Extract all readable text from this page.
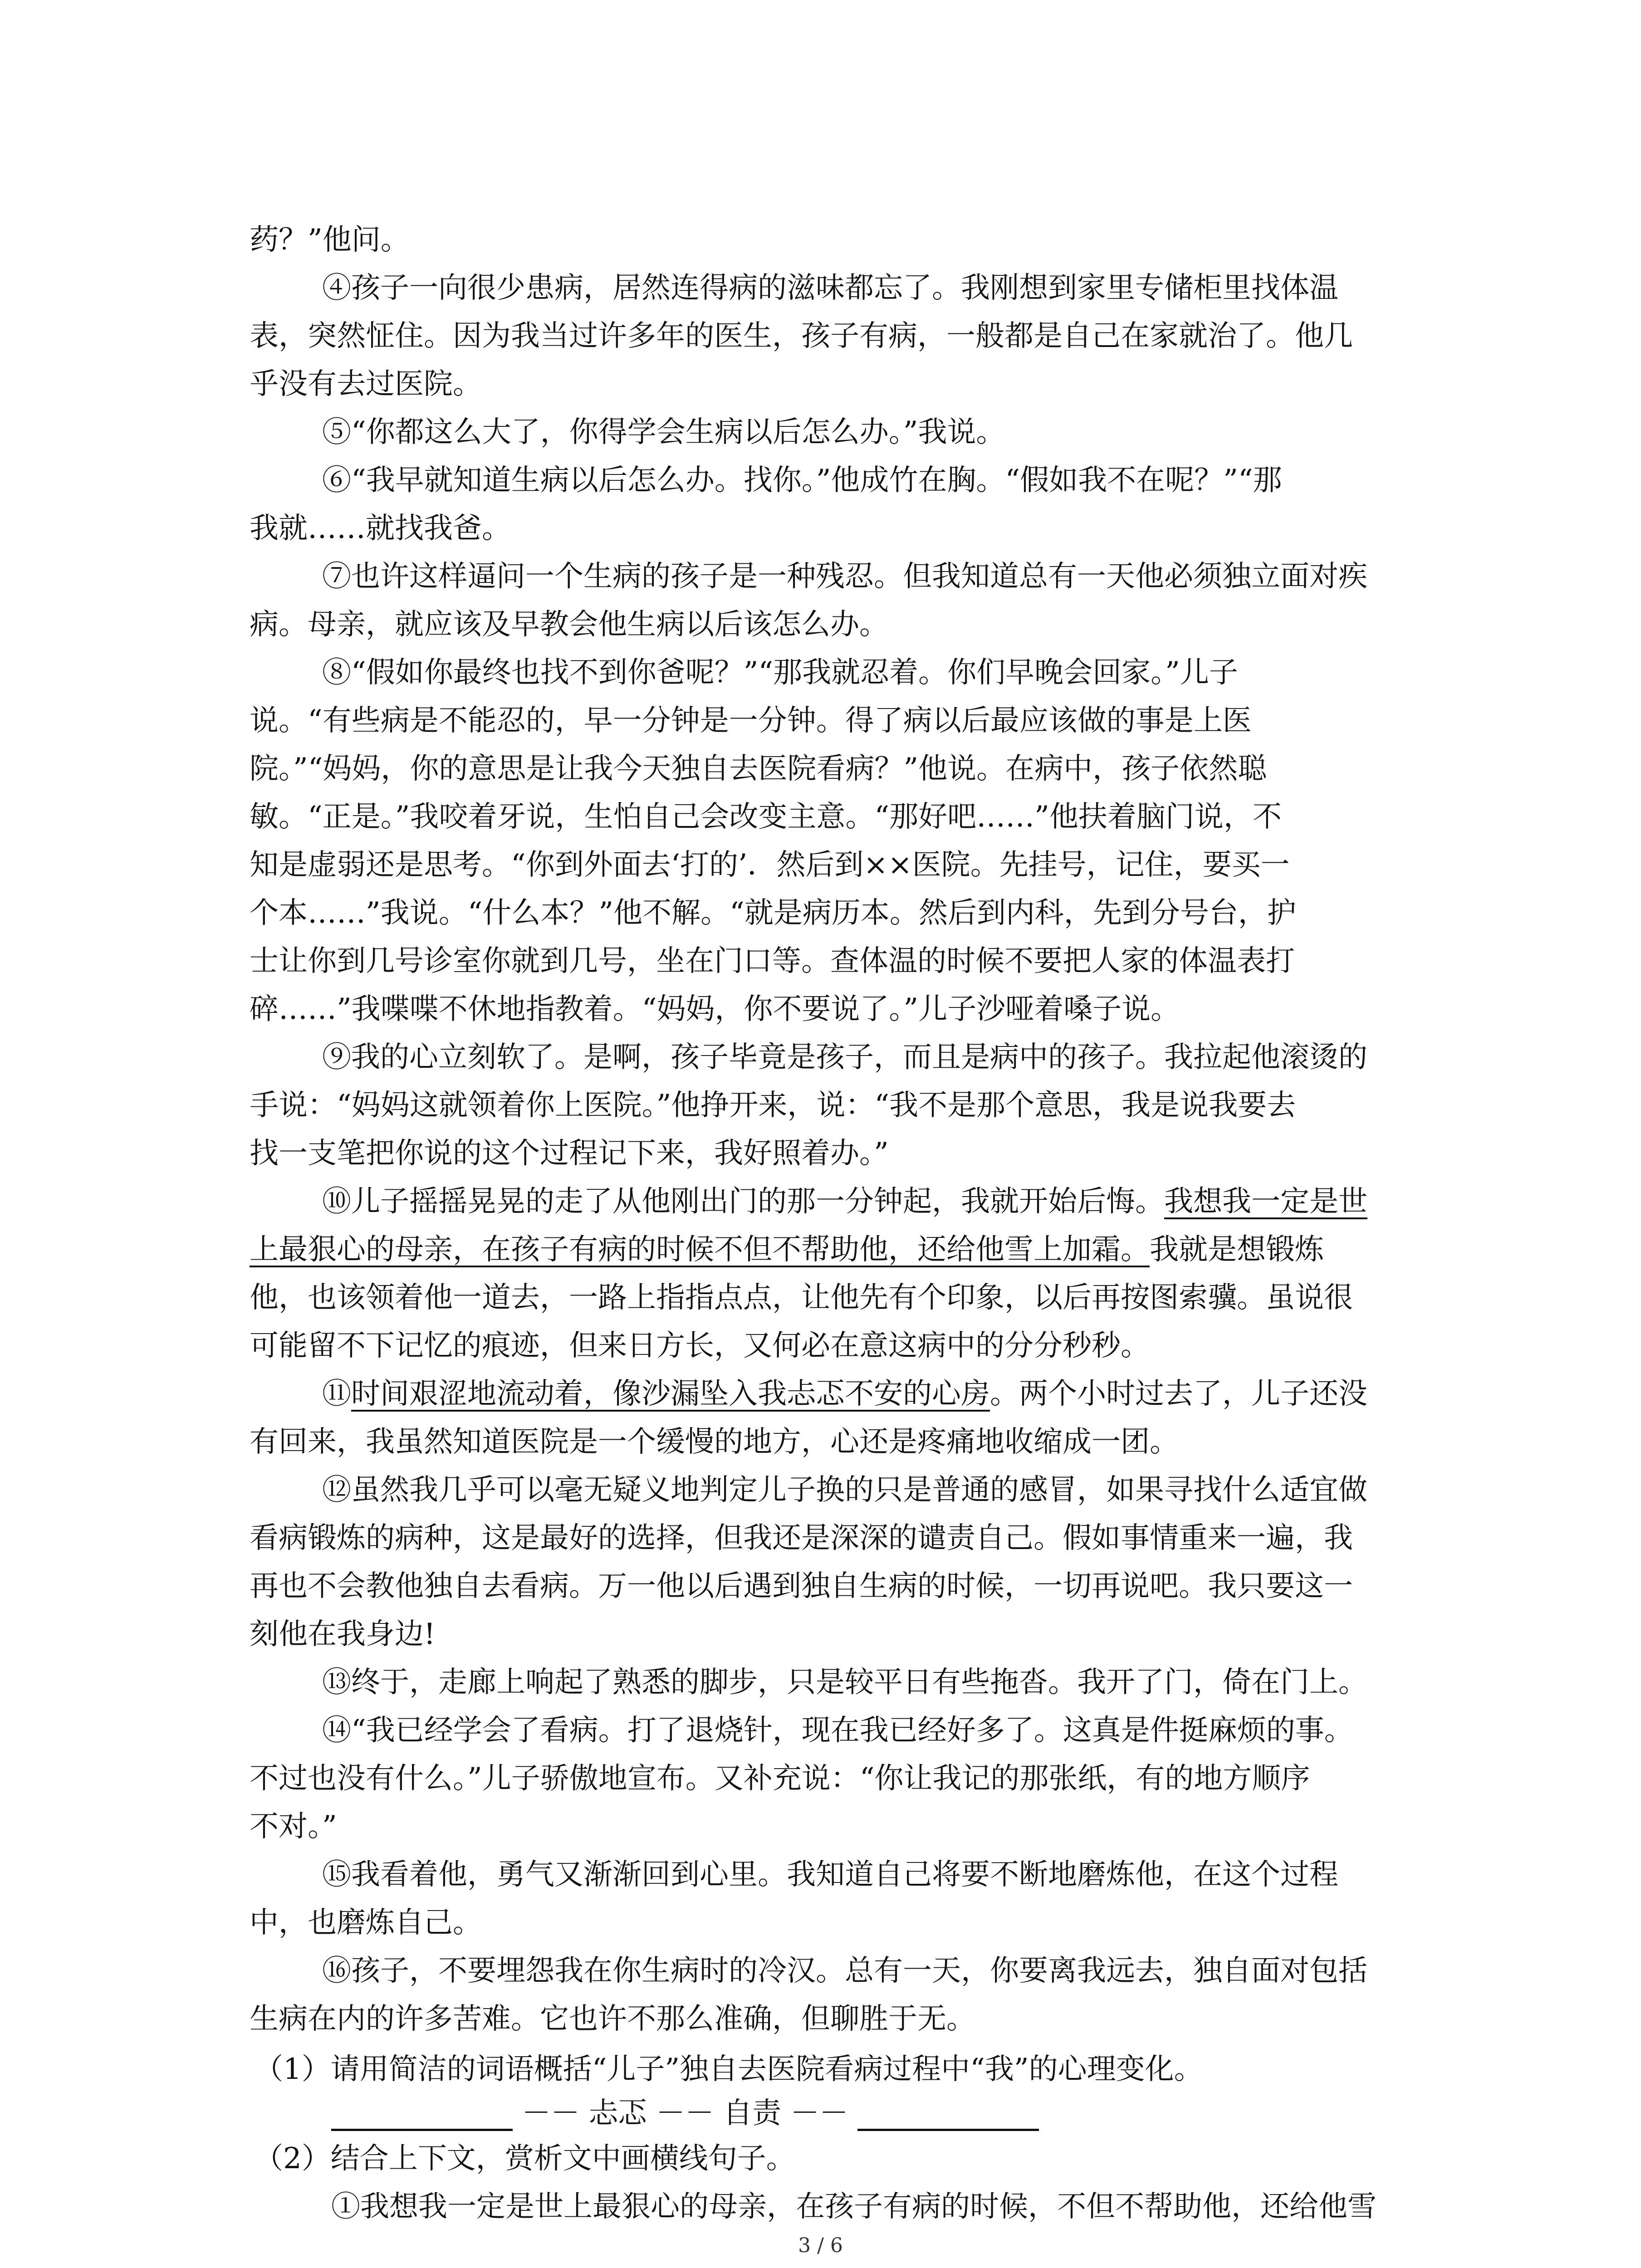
药？”他问。
④孩子一向很少患病，居然连得病的滋味都忘了。我刚想到家里专储柜里找体温
表，突然怔住。因为我当过许多年的医生，孩子有病，一般都是自己在家就治了。他几
乎没有去过医院。
⑤“你都这么大了，你得学会生病以后怎么办。”我说。
⑥“我早就知道生病以后怎么办。找你。”他成竹在胸。“假如我不在呢？”“那
我就……就找我爸。
⑦也许这样逼问一个生病的孩子是一种残忍。但我知道总有一天他必须独立面对疾
病。母亲，就应该及早教会他生病以后该怎么办。
⑧“假如你最终也找不到你爸呢？”“那我就忍着。你们早晚会回家。”儿子
说。“有些病是不能忍的，早一分钟是一分钟。得了病以后最应该做的事是上医
院。”“妈妈，你的意思是让我今天独自去医院看病？”他说。在病中，孩子依然聪
敏。“正是。”我咬着牙说，生怕自己会改变主意。“那好吧……”他扶着脑门说，不
知是虚弱还是思考。“你到外面去‘打的’．然后到××医院。先挂号，记住，要买一
个本……”我说。“什么本？”他不解。“就是病历本。然后到内科，先到分号台，护
士让你到几号诊室你就到几号，坐在门口等。查体温的时候不要把人家的体温表打
碎……”我喋喋不休地指教着。“妈妈，你不要说了。”儿子沙哑着嗓子说。
⑨我的心立刻软了。是啊，孩子毕竟是孩子，而且是病中的孩子。我拉起他滚烫的
手说：“妈妈这就领着你上医院。”他挣开来，说：“我不是那个意思，我是说我要去
找一支笔把你说的这个过程记下来，我好照着办。”
⑩儿子摇摇晃晃的走了从他刚出门的那一分钟起，我就开始后悔。我想我一定是世
上最狠心的母亲，在孩子有病的时候不但不帮助他，还给他雪上加霜。我就是想锻炼
他，也该领着他一道去，一路上指指点点，让他先有个印象，以后再按图索骥。虽说很
可能留不下记忆的痕迹，但来日方长，又何必在意这病中的分分秒秒。
⑪时间艰涩地流动着，像沙漏坠入我忐忑不安的心房。两个小时过去了，儿子还没
有回来，我虽然知道医院是一个缓慢的地方，心还是疼痛地收缩成一团。
⑫虽然我几乎可以毫无疑义地判定儿子换的只是普通的感冒，如果寻找什么适宜做
看病锻炼的病种，这是最好的选择，但我还是深深的谴责自己。假如事情重来一遍，我
再也不会教他独自去看病。万一他以后遇到独自生病的时候，一切再说吧。我只要这一
刻他在我身边!
⑬终于，走廊上响起了熟悉的脚步，只是较平日有些拖沓。我开了门，倚在门上。
⑭“我已经学会了看病。打了退烧针，现在我已经好多了。这真是件挺麻烦的事。
不过也没有什么。”儿子骄傲地宣布。又补充说：“你让我记的那张纸，有的地方顺序
不对。”
⑮我看着他，勇气又渐渐回到心里。我知道自己将要不断地磨炼他，在这个过程
中，也磨炼自己。
⑯孩子，不要埋怨我在你生病时的冷汉。总有一天，你要离我远去，独自面对包括
生病在内的许多苦难。它也许不那么准确，但聊胜于无。
（1）请用简洁的词语概括“儿子”独自去医院看病过程中“我”的心理变化。
－－ 忐忑 －－ 自责 －－
（2）结合上下文，赏析文中画横线句子。
①我想我一定是世上最狠心的母亲，在孩子有病的时候，不但不帮助他，还给他雪
3 / 6
